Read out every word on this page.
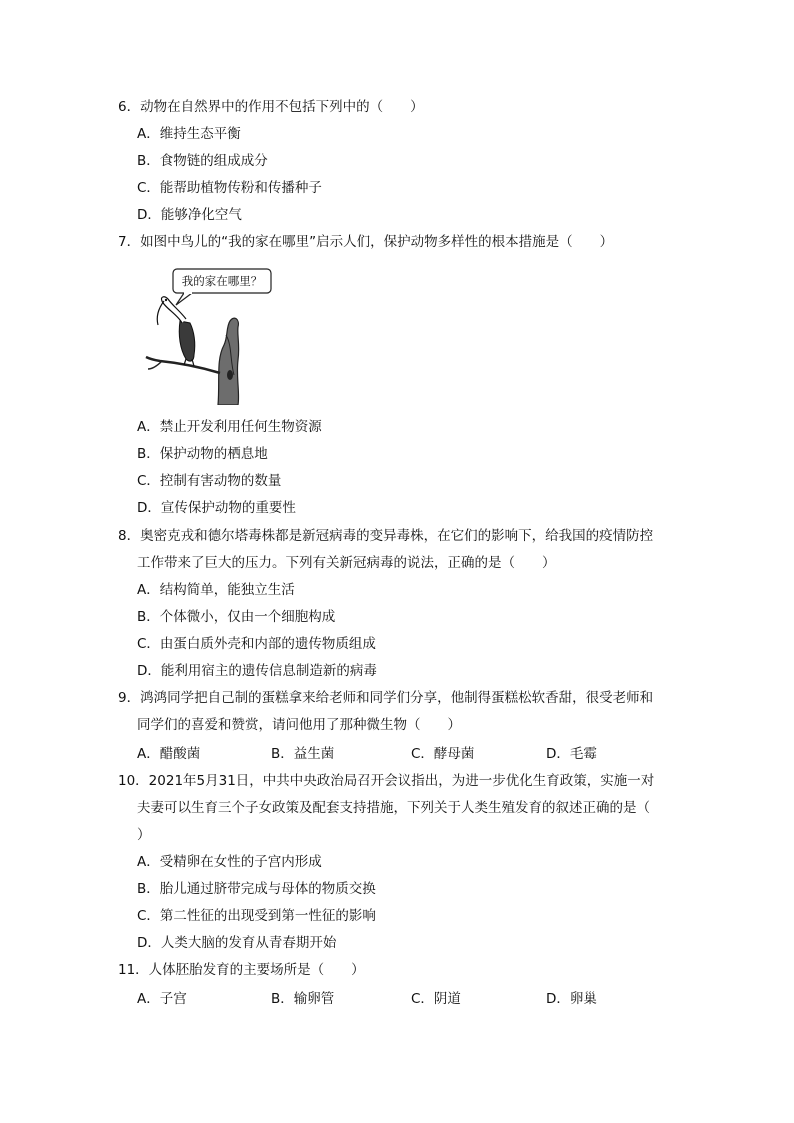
6．动物在自然界中的作用不包括下列中的（　　）
A．维持生态平衡
B．食物链的组成成分
C．能帮助植物传粉和传播种子
D．能够净化空气
7．如图中鸟儿的“我的家在哪里”启示人们，保护动物多样性的根本措施是（　　）
我的家在哪里？
A．禁止开发利用任何生物资源
B．保护动物的栖息地
C．控制有害动物的数量
D．宣传保护动物的重要性
8．奥密克戎和德尔塔毒株都是新冠病毒的变异毒株，在它们的影响下，给我国的疫情防控
工作带来了巨大的压力。下列有关新冠病毒的说法，正确的是（　　）
A．结构简单，能独立生活
B．个体微小，仅由一个细胞构成
C．由蛋白质外壳和内部的遗传物质组成
D．能利用宿主的遗传信息制造新的病毒
9．鸿鸿同学把自己制的蛋糕拿来给老师和同学们分享，他制得蛋糕松软香甜，很受老师和
同学们的喜爱和赞赏，请问他用了那种微生物（　　）
A．醋酸菌	B．益生菌	C．酵母菌	D．毛霉
10．2021年5月31日，中共中央政治局召开会议指出，为进一步优化生育政策，实施一对
夫妻可以生育三个子女政策及配套支持措施，下列关于人类生殖发育的叙述正确的是（
）
A．受精卵在女性的子宫内形成
B．胎儿通过脐带完成与母体的物质交换
C．第二性征的出现受到第一性征的影响
D．人类大脑的发育从青春期开始
11．人体胚胎发育的主要场所是（　　）
A．子宫	B．输卵管	C．阴道	D．卵巢
